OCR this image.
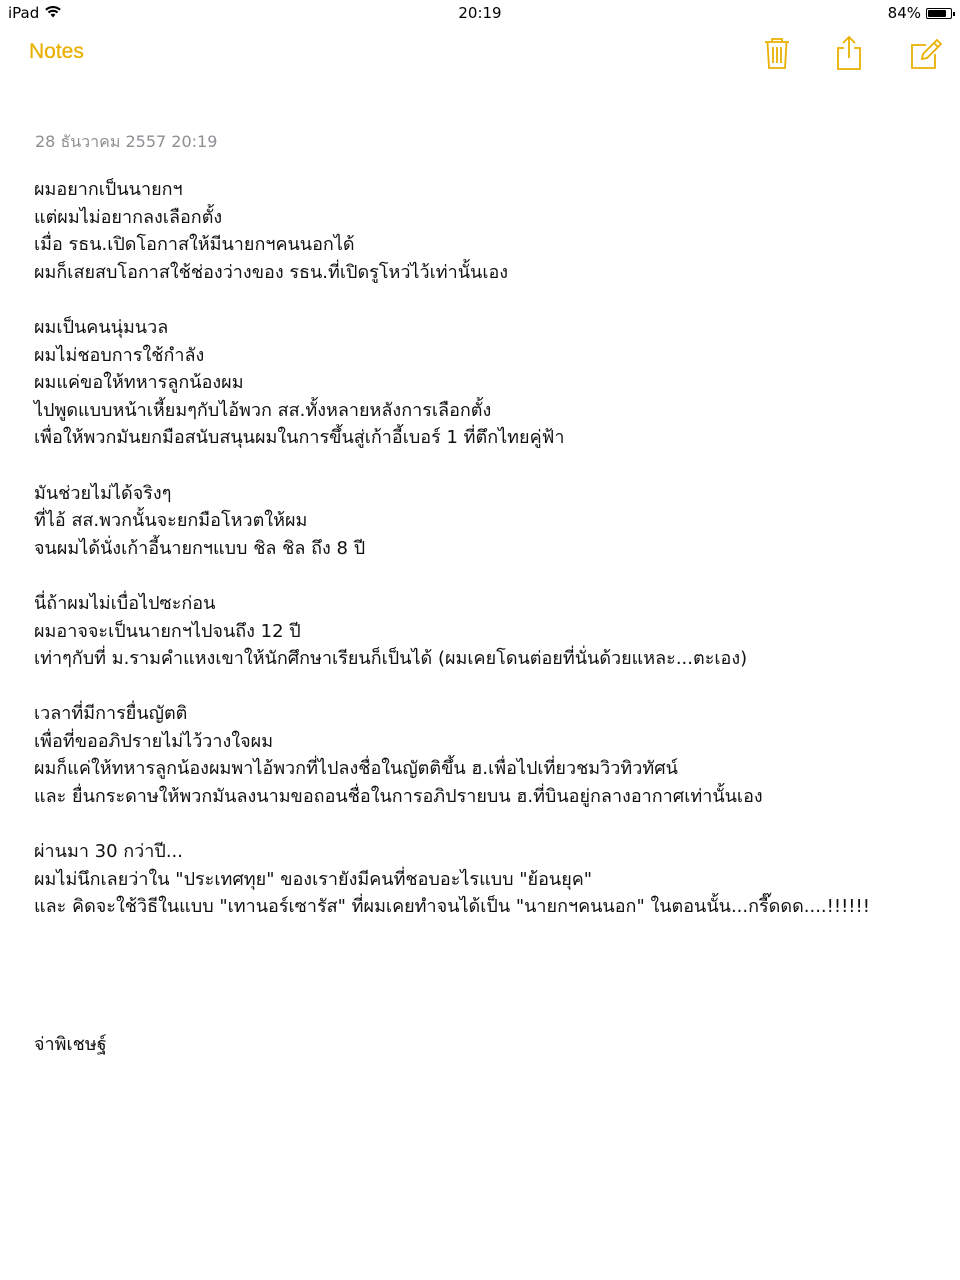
iPad	20:19	84%
Notes
28 ธันวาคม 2557 20:19
ผมอยากเป็นนายกฯ
แต่ผมไม่อยากลงเลือกตั้ง
เมื่อ รธน.เปิดโอกาสให้มีนายกฯคนนอกได้
ผมก็เสยสบโอกาสใช้ช่องว่างของ รธน.ที่เปิดรูโหว่ไว้เท่านั้นเอง
ผมเป็นคนนุ่มนวล
ผมไม่ชอบการใช้กำลัง
ผมแค่ขอให้ทหารลูกน้องผม
ไปพูดแบบหน้าเหี้ยมๆกับไอ้พวก สส.ทั้งหลายหลังการเลือกตั้ง
เพื่อให้พวกมันยกมือสนับสนุนผมในการขึ้นสู่เก้าอี้เบอร์ 1 ที่ตึกไทยคู่ฟ้า
มันช่วยไม่ได้จริงๆ
ที่ไอ้ สส.พวกนั้นจะยกมือโหวตให้ผม
จนผมได้นั่งเก้าอี้นายกฯแบบ ชิล ชิล ถึง 8 ปี
นี่ถ้าผมไม่เบื่อไปซะก่อน
ผมอาจจะเป็นนายกฯไปจนถึง 12 ปี
เท่าๆกับที่ ม.รามคำแหงเขาให้นักศึกษาเรียนก็เป็นได้ (ผมเคยโดนต่อยที่นั่นด้วยแหละ...ตะเอง)
เวลาที่มีการยื่นญัตติ
เพื่อที่ขออภิปรายไม่ไว้วางใจผม
ผมก็แค่ให้ทหารลูกน้องผมพาไอ้พวกที่ไปลงชื่อในญัตติขึ้น ฮ.เพื่อไปเที่ยวชมวิวทิวทัศน์
และ ยื่นกระดาษให้พวกมันลงนามขอถอนชื่อในการอภิปรายบน ฮ.ที่บินอยู่กลางอากาศเท่านั้นเอง
ผ่านมา 30 กว่าปี...
ผมไม่นึกเลยว่าใน "ประเทศทุย" ของเรายังมีคนที่ชอบอะไรแบบ "ย้อนยุค"
และ คิดจะใช้วิธีในแบบ "เทานอร์เซารัส" ที่ผมเคยทำจนได้เป็น "นายกฯคนนอก" ในตอนนั้น...กรี๊ดดด....!!!!!!
จ่าพิเชษฐ์
